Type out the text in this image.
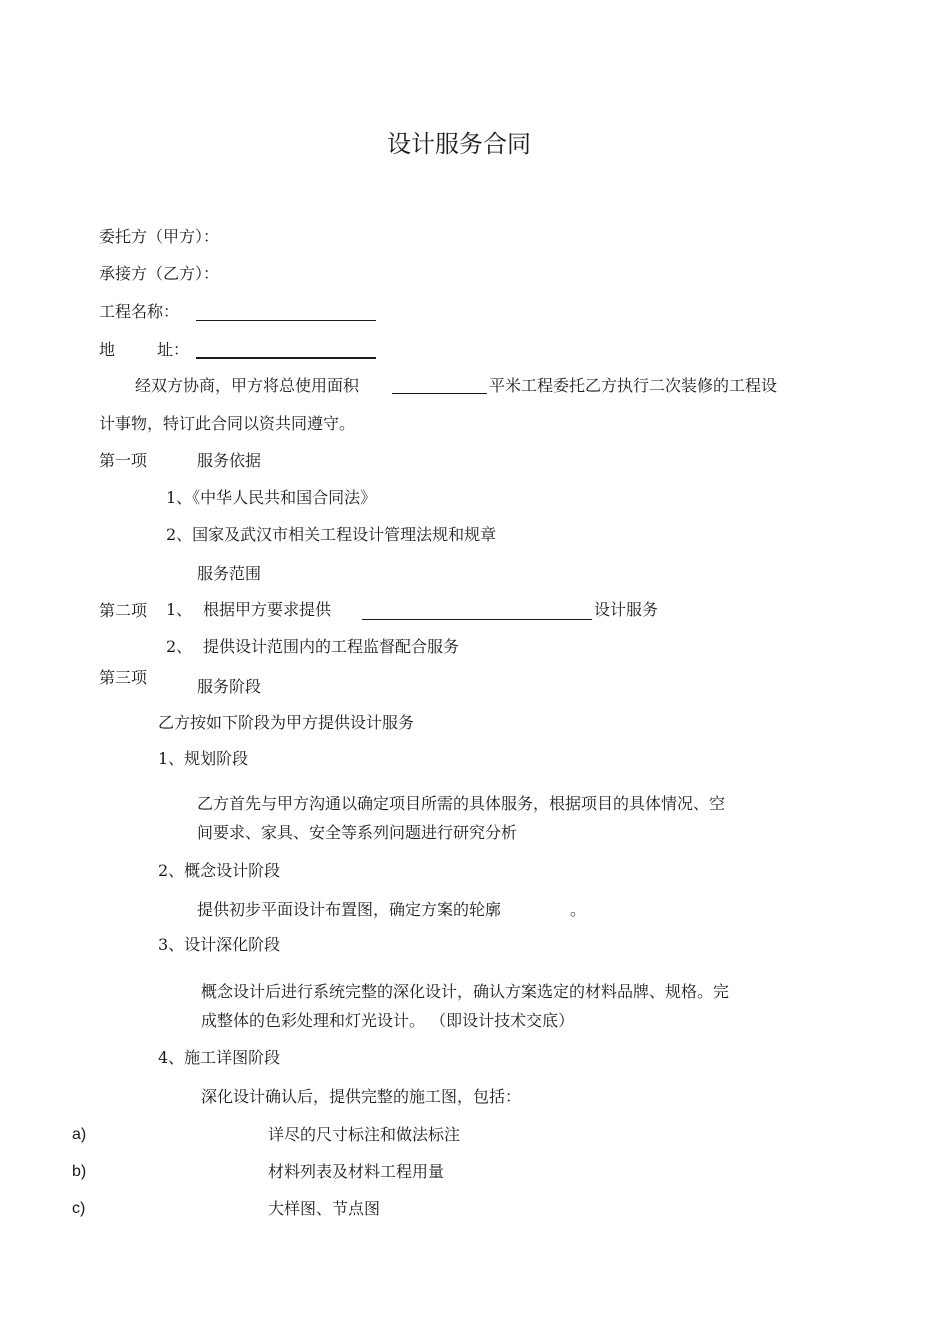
设计服务合同
委托方（甲方）：
承接方（乙方）：
工程名称：
地	址：
经双方协商，甲方将总使用面积	平米工程委托乙方执行二次装修的工程设
计事物，特订此合同以资共同遵守。
第一项	服务依据
1、《中华人民共和国合同法》
2、国家及武汉市相关工程设计管理法规和规章
服务范围
第二项 1、 根据甲方要求提供	设计服务
2、 提供设计范围内的工程监督配合服务
第三项	服务阶段
乙方按如下阶段为甲方提供设计服务
1、规划阶段
乙方首先与甲方沟通以确定项目所需的具体服务，根据项目的具体情况、空
间要求、家具、安全等系列问题进行研究分析
2、概念设计阶段
提供初步平面设计布置图，确定方案的轮廓	。
3、设计深化阶段
概念设计后进行系统完整的深化设计，确认方案选定的材料品牌、规格。完
成整体的色彩处理和灯光设计。 （即设计技术交底）
4、施工详图阶段
深化设计确认后，提供完整的施工图，包括：
a)	详尽的尺寸标注和做法标注
b)	材料列表及材料工程用量
c)	大样图、节点图
